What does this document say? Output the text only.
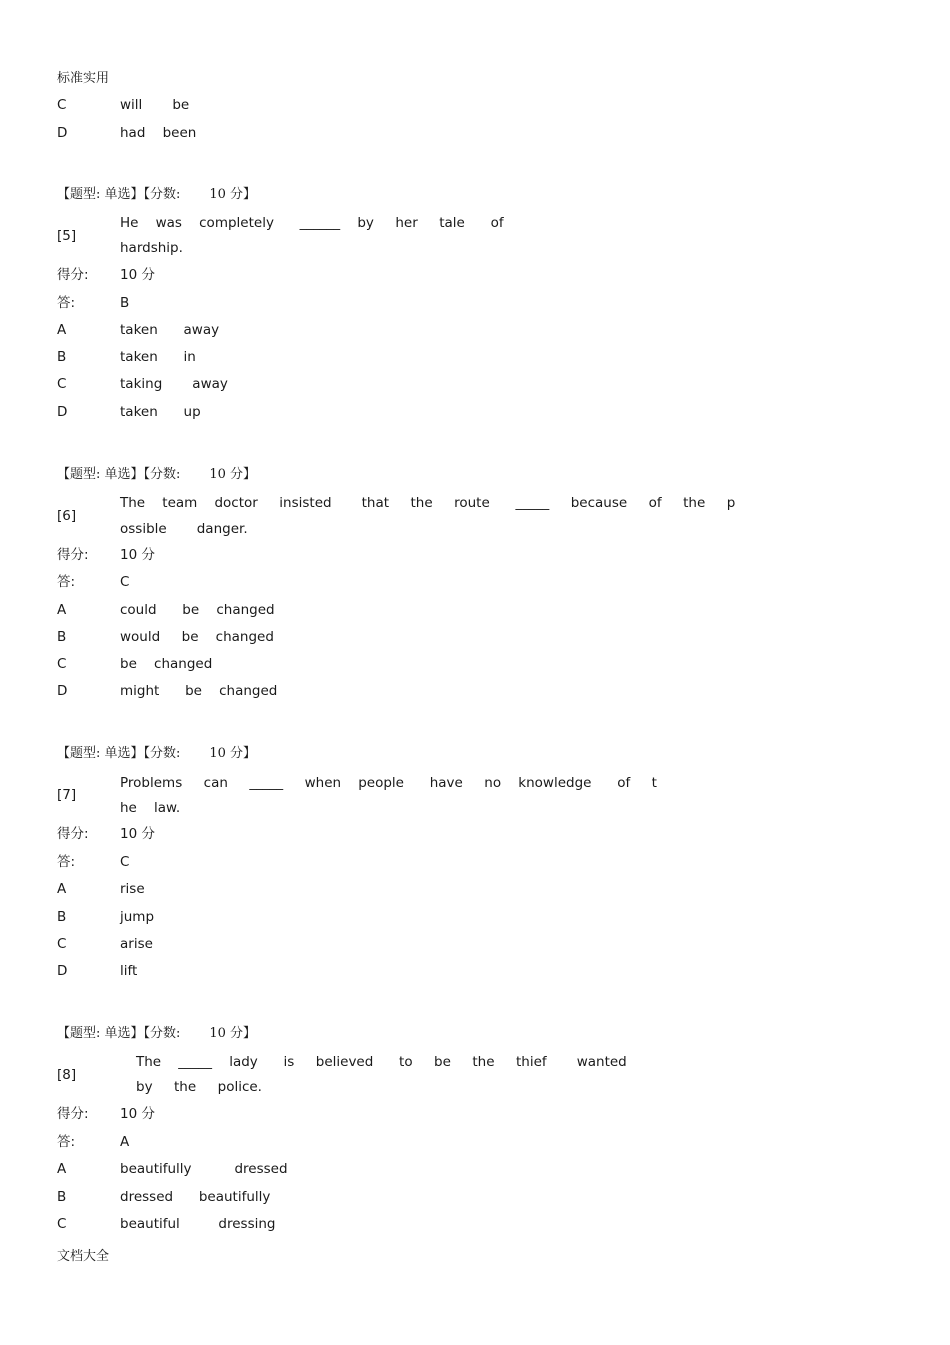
标准实用
C	will       be
D	had    been
【题型: 单选】【分数:       10 分】
[5]
He    was    completely      ______    by     her     tale      of
hardship.
得分: 10 分
答:	B
A	taken      away
B	taken      in
C	taking       away
D	taken      up
【题型: 单选】【分数:       10 分】
[6]
The    team    doctor     insisted       that     the     route      _____     because     of     the     p
ossible       danger.
得分: 10 分
答:	C
A	could      be    changed
B	would     be    changed
C	be    changed
D	might      be    changed
【题型: 单选】【分数:       10 分】
[7]
Problems     can     _____     when    people      have     no    knowledge      of     t
he    law.
得分: 10 分
答:	C
A	rise
B	jump
C	arise
D	lift
【题型: 单选】【分数:       10 分】
[8]
The    _____    lady      is     believed      to     be     the     thief       wanted
by     the     police.
得分: 10 分
答:	A
A	beautifully          dressed
B	dressed      beautifully
C	beautiful         dressing
文档大全
